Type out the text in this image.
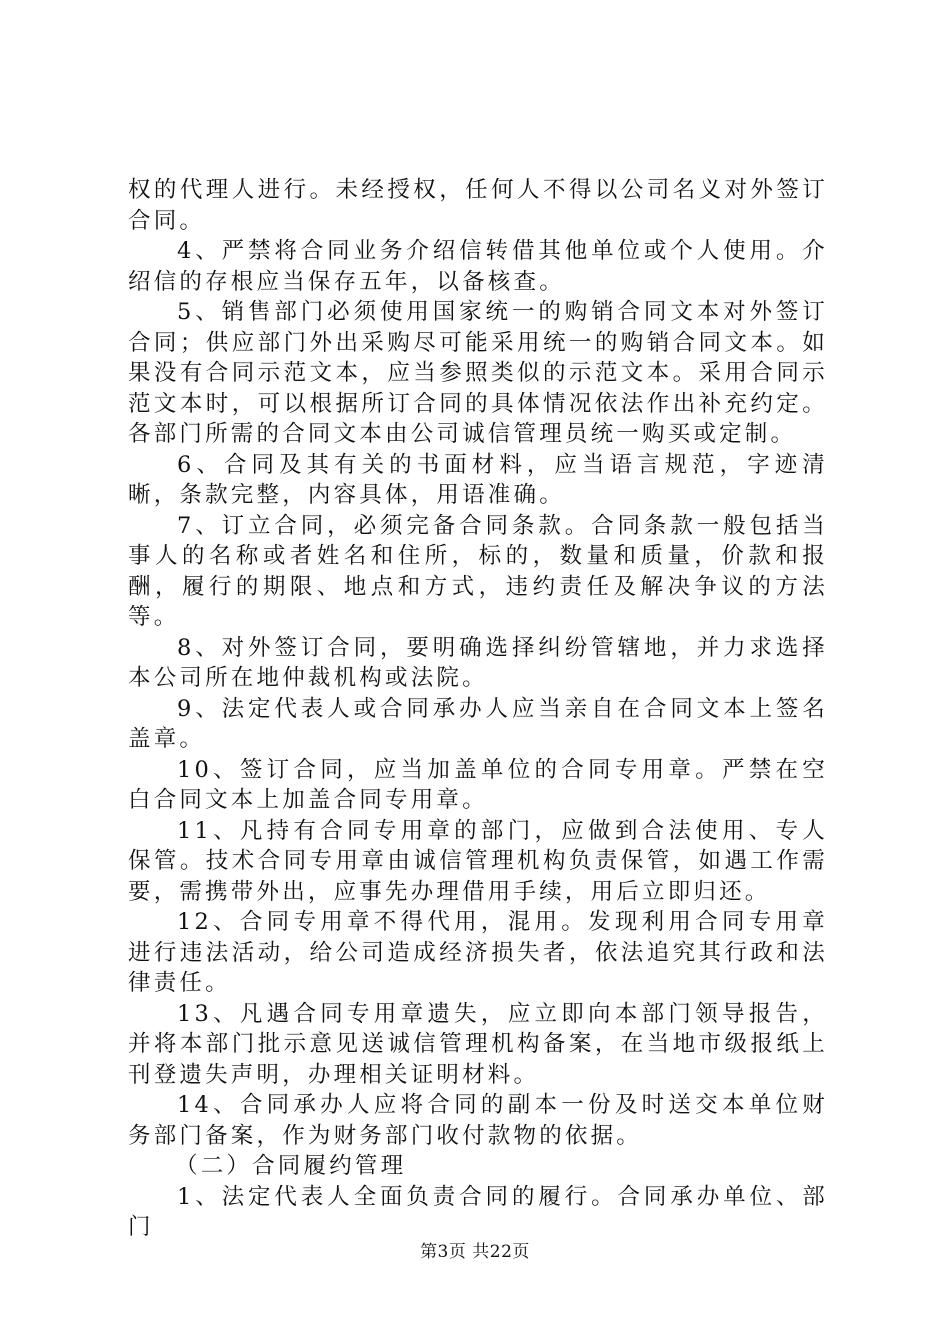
权的代理人进行。未经授权，任何人不得以公司名义对外签订合同。

4、严禁将合同业务介绍信转借其他单位或个人使用。介绍信的存根应当保存五年，以备核查。

5、销售部门必须使用国家统一的购销合同文本对外签订合同；供应部门外出采购尽可能采用统一的购销合同文本。如果没有合同示范文本，应当参照类似的示范文本。采用合同示范文本时，可以根据所订合同的具体情况依法作出补充约定。各部门所需的合同文本由公司诚信管理员统一购买或定制。

6、合同及其有关的书面材料，应当语言规范，字迹清晰，条款完整，内容具体，用语准确。

7、订立合同，必须完备合同条款。合同条款一般包括当事人的名称或者姓名和住所，标的，数量和质量，价款和报酬，履行的期限、地点和方式，违约责任及解决争议的方法等。

8、对外签订合同，要明确选择纠纷管辖地，并力求选择本公司所在地仲裁机构或法院。

9、法定代表人或合同承办人应当亲自在合同文本上签名盖章。

10、签订合同，应当加盖单位的合同专用章。严禁在空白合同文本上加盖合同专用章。

11、凡持有合同专用章的部门，应做到合法使用、专人保管。技术合同专用章由诚信管理机构负责保管，如遇工作需要，需携带外出，应事先办理借用手续，用后立即归还。

12、合同专用章不得代用，混用。发现利用合同专用章进行违法活动，给公司造成经济损失者，依法追究其行政和法律责任。

13、凡遇合同专用章遗失，应立即向本部门领导报告，并将本部门批示意见送诚信管理机构备案，在当地市级报纸上刊登遗失声明，办理相关证明材料。

14、合同承办人应将合同的副本一份及时送交本单位财务部门备案，作为财务部门收付款物的依据。

（二）合同履约管理

1、法定代表人全面负责合同的履行。合同承办单位、部门

第3页 共22页
